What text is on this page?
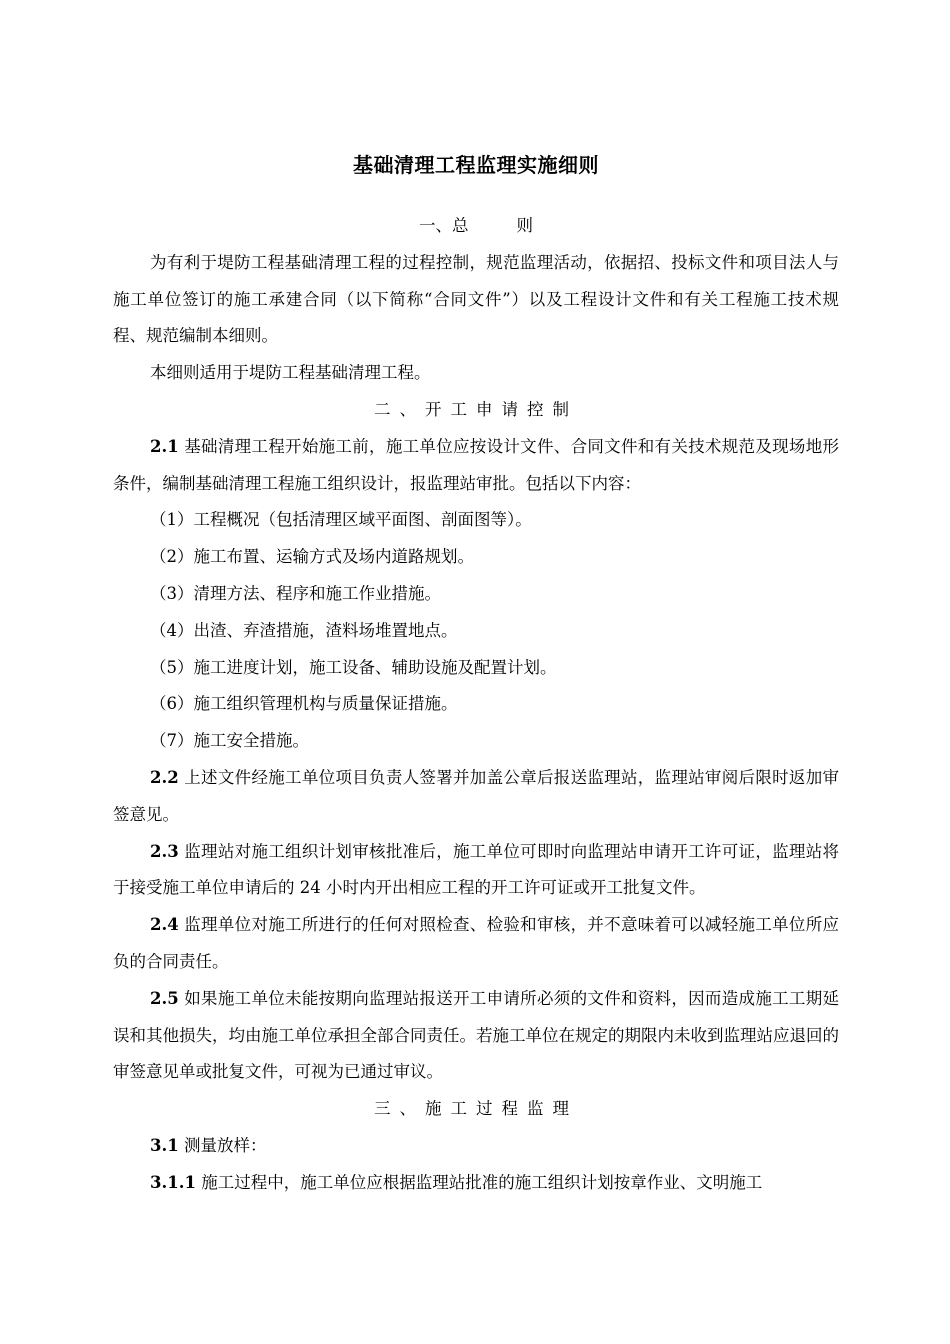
基础清理工程监理实施细则
一、总	则

为有利于堤防工程基础清理工程的过程控制，规范监理活动，依据招、投标文件和项目法人与施工单位签订的施工承建合同（以下简称“合同文件”）以及工程设计文件和有关工程施工技术规程、规范编制本细则。

本细则适用于堤防工程基础清理工程。

二、开工申请控制

2.1 基础清理工程开始施工前，施工单位应按设计文件、合同文件和有关技术规范及现场地形条件，编制基础清理工程施工组织设计，报监理站审批。包括以下内容：

（1）工程概况（包括清理区域平面图、剖面图等）。

（2）施工布置、运输方式及场内道路规划。

（3）清理方法、程序和施工作业措施。

（4）出渣、弃渣措施，渣料场堆置地点。

（5）施工进度计划，施工设备、辅助设施及配置计划。

（6）施工组织管理机构与质量保证措施。

（7）施工安全措施。

2.2 上述文件经施工单位项目负责人签署并加盖公章后报送监理站，监理站审阅后限时返加审签意见。

2.3 监理站对施工组织计划审核批准后，施工单位可即时向监理站申请开工许可证，监理站将于接受施工单位申请后的 24 小时内开出相应工程的开工许可证或开工批复文件。

2.4 监理单位对施工所进行的任何对照检查、检验和审核，并不意味着可以减轻施工单位所应负的合同责任。

2.5 如果施工单位未能按期向监理站报送开工申请所必须的文件和资料，因而造成施工工期延误和其他损失，均由施工单位承担全部合同责任。若施工单位在规定的期限内未收到监理站应退回的审签意见单或批复文件，可视为已通过审议。

三、施工过程监理

3.1 测量放样：

3.1.1 施工过程中，施工单位应根据监理站批准的施工组织计划按章作业、文明施工
